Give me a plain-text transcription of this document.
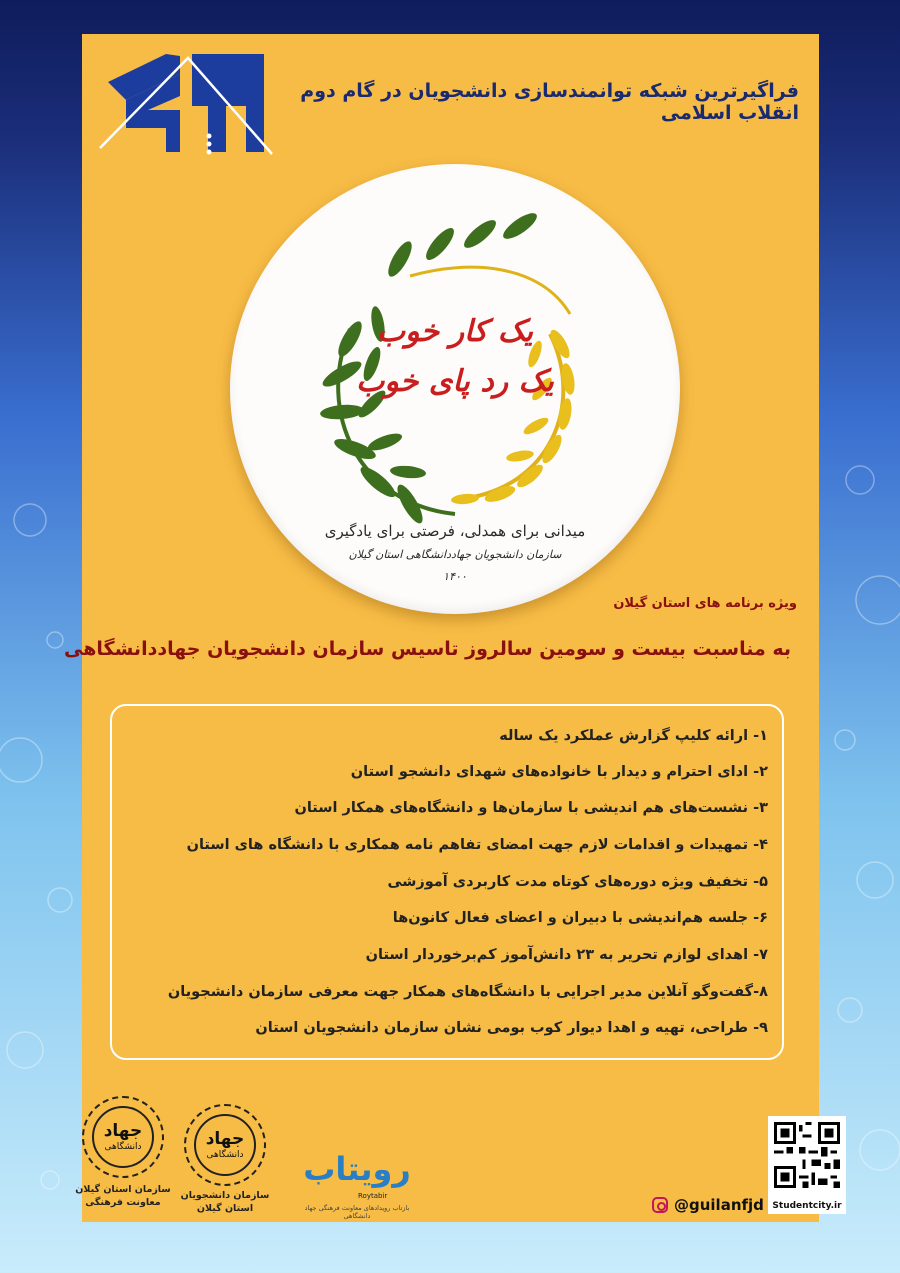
فراگیرترین شبکه توانمندسازی دانشجویان در گام دوم انقلاب اسلامی
یک کار خوب
یک رد پای خوب
میدانی برای همدلی، فرصتی برای یادگیری
سازمان دانشجویان جهاددانشگاهی استان گیلان
۱۴۰۰
ویژه برنامه های استان گیلان
به مناسبت بیست و سومین سالروز تاسیس سازمان دانشجویان جهاددانشگاهی
۱- ارائه کلیپ گزارش عملکرد یک ساله
۲- ادای احترام و دیدار با خانواده‌های شهدای دانشجو استان
۳- نشست‌های هم اندیشی با سازمان‌ها و دانشگاه‌های همکار استان
۴- تمهیدات و اقدامات لازم جهت امضای تفاهم نامه همکاری با دانشگاه های استان
۵- تخفیف ویژه دوره‌های کوتاه مدت کاربردی آموزشی
۶- جلسه هم‌اندیشی با دبیران و اعضای فعال کانون‌ها
۷- اهدای لوازم تحریر به ۲۳ دانش‌آموز کم‌برخوردار استان
۸-گفت‌وگو آنلاین مدیر اجرایی با دانشگاه‌های همکار جهت معرفی سازمان دانشجویان
۹- طراحی، تهیه و اهدا دیوار کوب بومی نشان سازمان دانشجویان استان
جهاد
دانشگاهی
سازمان استان گیلان
معاونت فرهنگی
جهاد
دانشگاهی
سازمان دانشجویان
استان گیلان
رویتاب
Roytabir
بازتاب رویدادهای معاونت فرهنگی جهاد دانشگاهی
@guilanfjd Studentcity.ir
